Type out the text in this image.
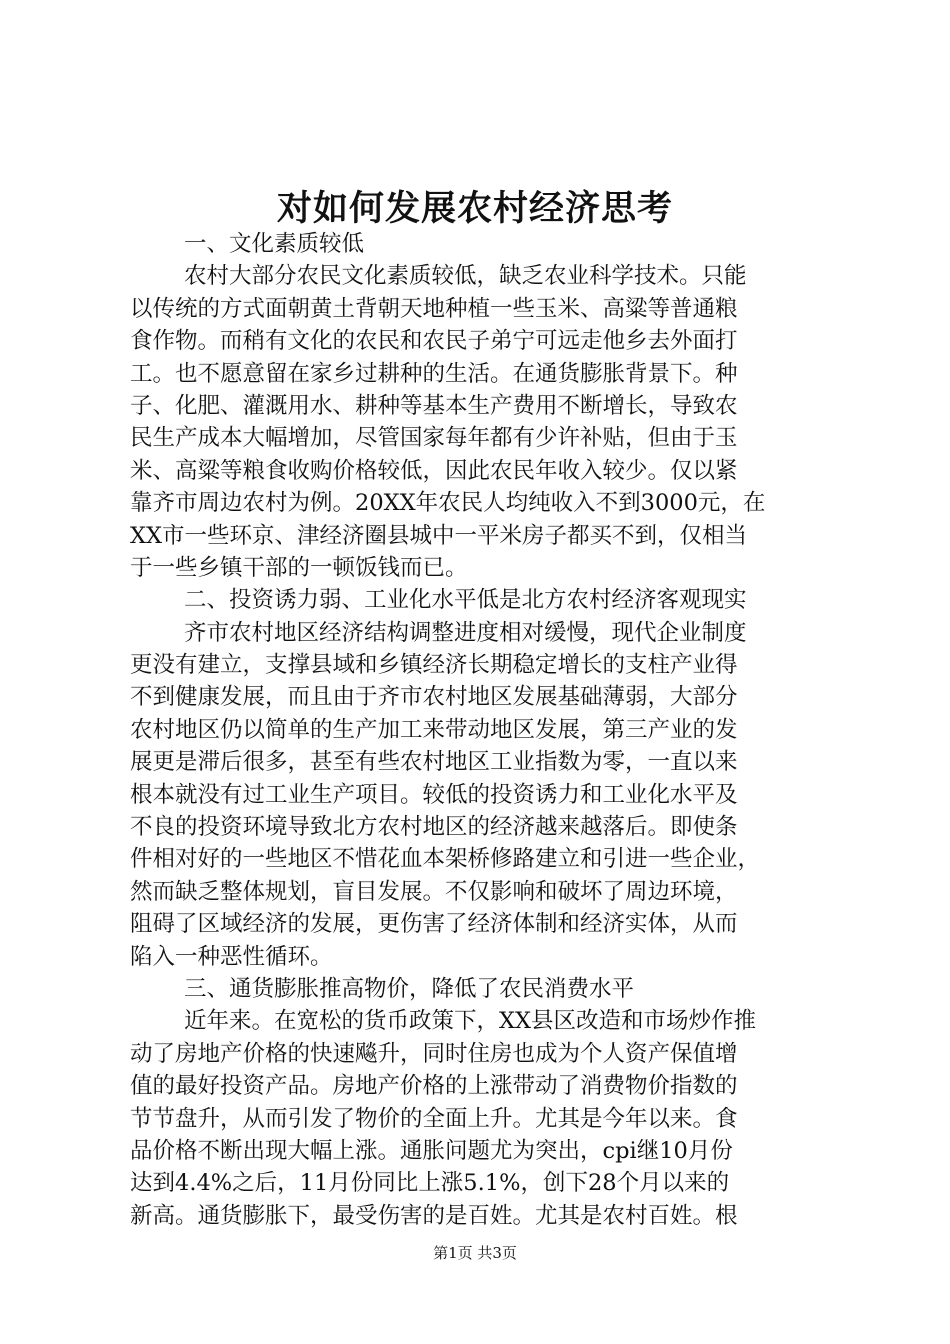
对如何发展农村经济思考
一、文化素质较低
农村大部分农民文化素质较低，缺乏农业科学技术。只能
以传统的方式面朝黄土背朝天地种植一些玉米、高粱等普通粮
食作物。而稍有文化的农民和农民子弟宁可远走他乡去外面打
工。也不愿意留在家乡过耕种的生活。在通货膨胀背景下。种
子、化肥、灌溉用水、耕种等基本生产费用不断增长，导致农
民生产成本大幅增加，尽管国家每年都有少许补贴，但由于玉
米、高粱等粮食收购价格较低，因此农民年收入较少。仅以紧
靠齐市周边农村为例。20XX年农民人均纯收入不到3000元，在
XX市一些环京、津经济圈县城中一平米房子都买不到，仅相当
于一些乡镇干部的一顿饭钱而已。
二、投资诱力弱、工业化水平低是北方农村经济客观现实
齐市农村地区经济结构调整进度相对缓慢，现代企业制度
更没有建立，支撑县域和乡镇经济长期稳定增长的支柱产业得
不到健康发展，而且由于齐市农村地区发展基础薄弱，大部分
农村地区仍以简单的生产加工来带动地区发展，第三产业的发
展更是滞后很多，甚至有些农村地区工业指数为零，一直以来
根本就没有过工业生产项目。较低的投资诱力和工业化水平及
不良的投资环境导致北方农村地区的经济越来越落后。即使条
件相对好的一些地区不惜花血本架桥修路建立和引进一些企业，
然而缺乏整体规划，盲目发展。不仅影响和破坏了周边环境，
阻碍了区域经济的发展，更伤害了经济体制和经济实体，从而
陷入一种恶性循环。
三、通货膨胀推高物价，降低了农民消费水平
近年来。在宽松的货币政策下，XX县区改造和市场炒作推
动了房地产价格的快速飚升，同时住房也成为个人资产保值增
值的最好投资产品。房地产价格的上涨带动了消费物价指数的
节节盘升，从而引发了物价的全面上升。尤其是今年以来。食
品价格不断出现大幅上涨。通胀问题尤为突出，cpi继10月份
达到4.4%之后，11月份同比上涨5.1%，创下28个月以来的
新高。通货膨胀下，最受伤害的是百姓。尤其是农村百姓。根
第1页 共3页
